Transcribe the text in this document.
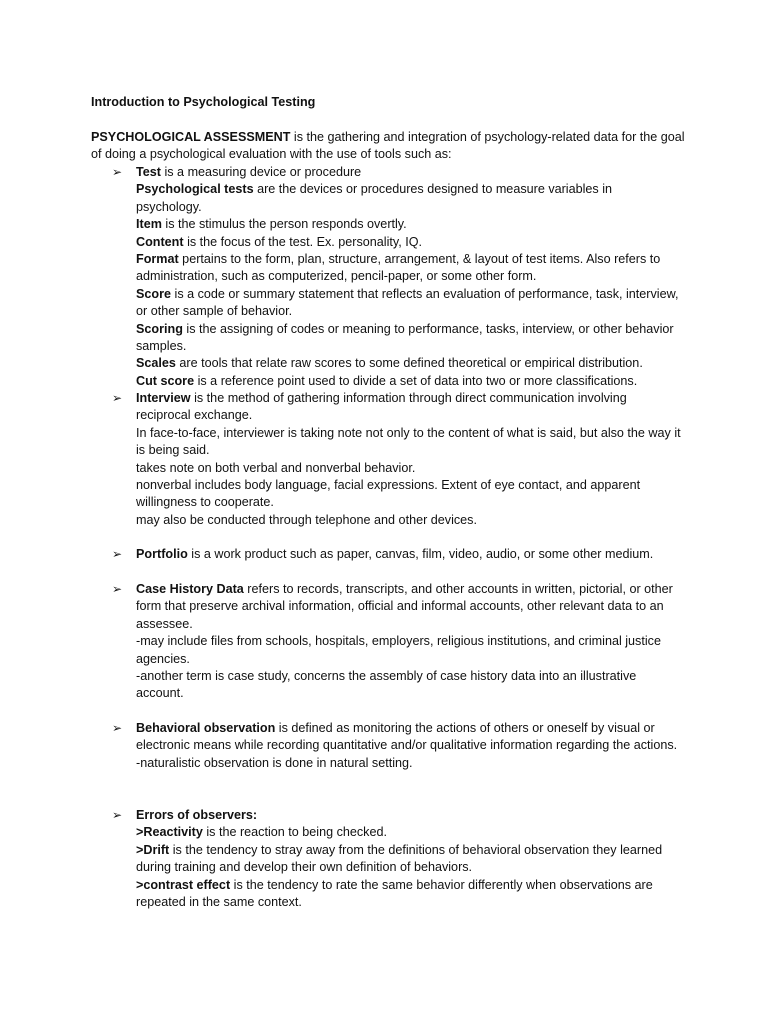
Introduction to Psychological Testing

PSYCHOLOGICAL ASSESSMENT is the gathering and integration of psychology-related data for the goal of doing a psychological evaluation with the use of tools such as:

➢ Test is a measuring device or procedure
Psychological tests are the devices or procedures designed to measure variables in psychology.
Item is the stimulus the person responds overtly.
Content is the focus of the test. Ex. personality, IQ.
Format pertains to the form, plan, structure, arrangement, & layout of test items. Also refers to administration, such as computerized, pencil-paper, or some other form.
Score is a code or summary statement that reflects an evaluation of performance, task, interview, or other sample of behavior.
Scoring is the assigning of codes or meaning to performance, tasks, interview, or other behavior samples.
Scales are tools that relate raw scores to some defined theoretical or empirical distribution.
Cut score is a reference point used to divide a set of data into two or more classifications.
➢ Interview is the method of gathering information through direct communication involving reciprocal exchange.
In face-to-face, interviewer is taking note not only to the content of what is said, but also the way it is being said.
takes note on both verbal and nonverbal behavior.
nonverbal includes body language, facial expressions. Extent of eye contact, and apparent willingness to cooperate.
may also be conducted through telephone and other devices.
➢ Portfolio is a work product such as paper, canvas, film, video, audio, or some other medium.
➢ Case History Data refers to records, transcripts, and other accounts in written, pictorial, or other form that preserve archival information, official and informal accounts, other relevant data to an assessee.
-may include files from schools, hospitals, employers, religious institutions, and criminal justice agencies.
-another term is case study, concerns the assembly of case history data into an illustrative account.
➢ Behavioral observation is defined as monitoring the actions of others or oneself by visual or electronic means while recording quantitative and/or qualitative information regarding the actions.
-naturalistic observation is done in natural setting.
➢ Errors of observers:
>Reactivity is the reaction to being checked.
>Drift is the tendency to stray away from the definitions of behavioral observation they learned during training and develop their own definition of behaviors.
>contrast effect is the tendency to rate the same behavior differently when observations are repeated in the same context.
